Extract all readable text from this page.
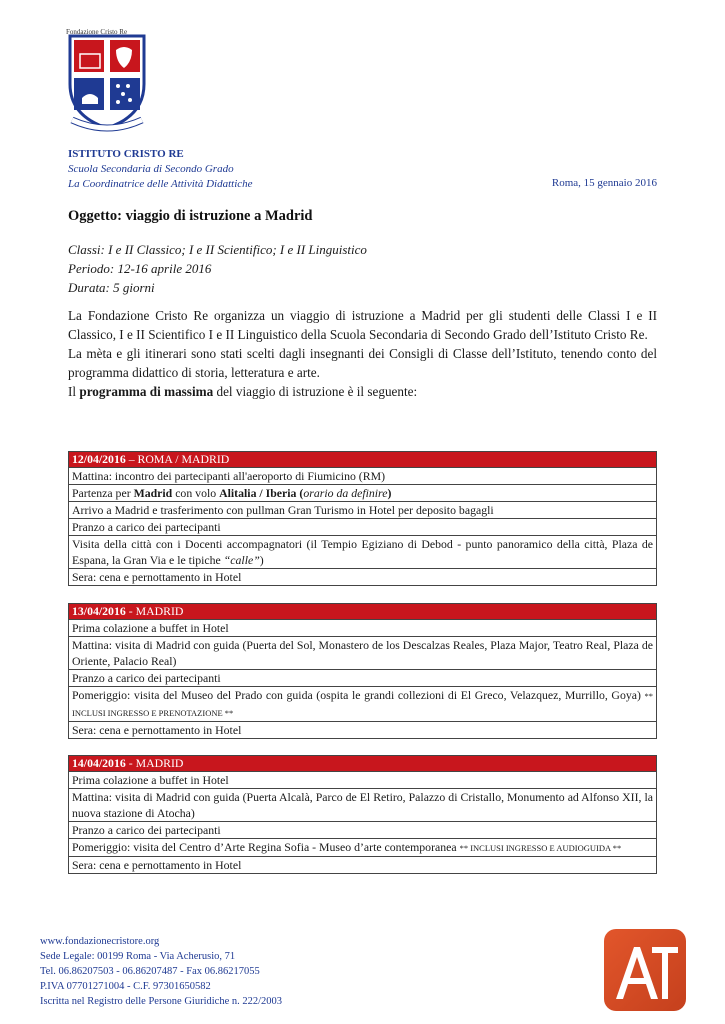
Fondazione Cristo Re
ISTITUTO CRISTO RE
Scuola Secondaria di Secondo Grado
La Coordinatrice delle Attività Didattiche	Roma, 15 gennaio 2016
Oggetto: viaggio di istruzione a Madrid
Classi: I e II Classico; I e II Scientifico; I e II Linguistico
Periodo: 12-16 aprile 2016
Durata: 5 giorni

La Fondazione Cristo Re organizza un viaggio di istruzione a Madrid per gli studenti delle Classi I e II Classico, I e II Scientifico I e II Linguistico della Scuola Secondaria di Secondo Grado dell’Istituto Cristo Re.

La mèta e gli itinerari sono stati scelti dagli insegnanti dei Consigli di Classe dell’Istituto, tenendo conto del programma didattico di storia, letteratura e arte.

Il programma di massima del viaggio di istruzione è il seguente:

12/04/2016 – ROMA / MADRID
Mattina: incontro dei partecipanti all'aeroporto di Fiumicino (RM)
Partenza per Madrid con volo Alitalia / Iberia (orario da definire)
Arrivo a Madrid e trasferimento con pullman Gran Turismo in Hotel per deposito bagagli
Pranzo a carico dei partecipanti
Visita della città con i Docenti accompagnatori (il Tempio Egiziano di Debod - punto panoramico della città, Plaza de Espana, la Gran Via e le tipiche “calle”)
Sera: cena e pernottamento in Hotel
13/04/2016 - MADRID
Prima colazione a buffet in Hotel
Mattina: visita di Madrid con guida (Puerta del Sol, Monastero de los Descalzas Reales, Plaza Major, Teatro Real, Plaza de Oriente, Palacio Real)
Pranzo a carico dei partecipanti
Pomeriggio: visita del Museo del Prado con guida (ospita le grandi collezioni di El Greco, Velazquez, Murrillo, Goya) ** INCLUSI INGRESSO E PRENOTAZIONE **
Sera: cena e pernottamento in Hotel
14/04/2016 - MADRID
Prima colazione a buffet in Hotel
Mattina: visita di Madrid con guida (Puerta Alcalà, Parco de El Retiro, Palazzo di Cristallo, Monumento ad Alfonso XII, la nuova stazione di Atocha)
Pranzo a carico dei partecipanti
Pomeriggio: visita del Centro d’Arte Regina Sofia - Museo d’arte contemporanea ** INCLUSI INGRESSO E AUDIOGUIDA **
Sera: cena e pernottamento in Hotel
www.fondazionecristore.org
Sede Legale: 00199 Roma - Via Acherusio, 71
Tel. 06.86207503 - 06.86207487 - Fax 06.86217055
P.IVA 07701271004 - C.F. 97301650582
Iscritta nel Registro delle Persone Giuridiche n. 222/2003
